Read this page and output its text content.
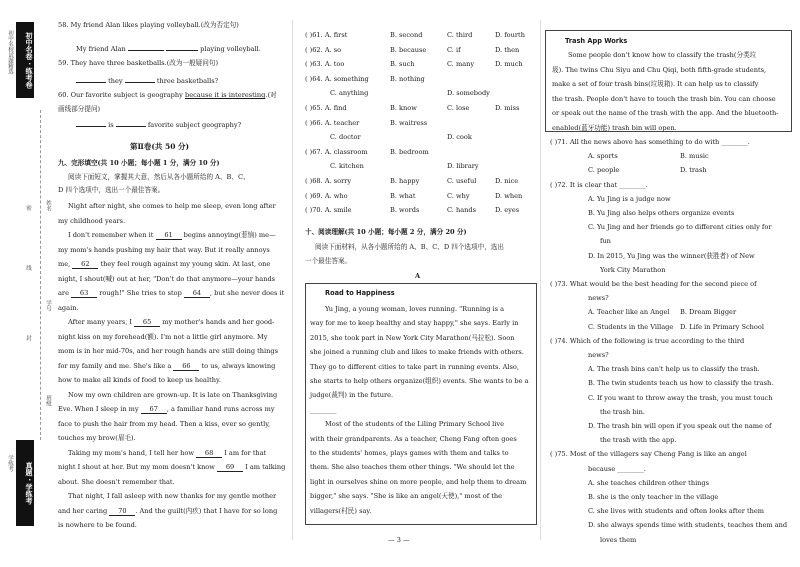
初中名卷 · 练考卷
初中名校试题精选
姓名
学号
班级
密
封
线
真题 · 学练考
学练考
58. My friend Alan likes playing volleyball.(改为否定句)
My friend Alan	playing volleyball.
59. They have three basketballs.(改为一般疑问句)
they	three basketballs?
60. Our favorite subject is geography because it is interesting.(对
画线部分提问)
is	favorite subject geography?
第Ⅱ卷(共 50 分)
九、完形填空(共 10 小题；每小题 1 分，满分 10 分)
阅读下面短文，掌握其大意，然后从各小题所给的 A、B、C、
D 四个选项中，选出一个最佳答案。
Night after night, she comes to help me sleep, even long after
my childhood years.
I don't remember when it 61 begins annoying(惹恼) me—
my mom's hands pushing my hair that way. But it really annoys
me, 62 they feel rough against my young skin. At last, one
night, I shout(喊) out at her, "Don't do that anymore—your hands
are 63 rough!" She tries to stop 64 , but she never does it
again.
After many years, I 65 my mother's hands and her good-
night kiss on my forehead(额). I'm not a little girl anymore. My
mom is in her mid-70s, and her rough hands are still doing things
for my family and me. She's like a 66 to us, always knowing
how to make all kinds of food to keep us healthy.
Now my own children are grown-up. It is late on Thanksgiving
Eve. When I sleep in my 67 , a familiar hand runs across my
face to push the hair from my head. Then a kiss, ever so gently,
touches my brow(眉毛).
Taking my mom's hand, I tell her how 68 I am for that
night I shout at her. But my mom doesn't know 69 I am talking
about. She doesn't remember that.
That night, I fall asleep with new thanks for my gentle mother
and her caring 70 . And the guilt(内疚) that I have for so long
is nowhere to be found.
( )61. A. first	B. second	C. third	D. fourth
( )62. A. so	B. because	C. if	D. then
( )63. A. too	B. such	C. many	D. much
( )64. A. something	B. nothing
C. anything	D. somebody
( )65. A. find	B. know	C. lose	D. miss
( )66. A. teacher	B. waitress
C. doctor	D. cook
( )67. A. classroom	B. bedroom
C. kitchen	D. library
( )68. A. sorry	B. happy	C. useful	D. nice
( )69. A. who	B. what	C. why	D. when
( )70. A. smile	B. words	C. hands	D. eyes
十、阅读理解(共 10 小题；每小题 2 分，满分 20 分)
阅读下面材料，从各小题所给的 A、B、C、D 四个选项中，选出
一个最佳答案。
A
Road to Happiness
Yu Jing, a young woman, loves running. "Running is a
way for me to keep healthy and stay happy," she says. Early in
2015, she took part in New York City Marathon(马拉松). Soon
she joined a running club and likes to make friends with others.
They go to different cities to take part in running events. Also,
she starts to help others organize(组织) events. She wants to be a
judge(裁判) in the future.
________
Most of the students of the Liling Primary School live
with their grandparents. As a teacher, Cheng Fang often goes
to the students' homes, plays games with them and talks to
them. She also teaches them other things. "We should let the
light in ourselves shine on more people, and help them to dream
bigger," she says. "She is like an angel(天使)," most of the
villagers(村民) say.
Trash App Works
Some people don't know how to classify the trash(分类垃
圾). The twins Chu Siyu and Chu Qiqi, both fifth-grade students,
make a set of four trash bins(垃圾箱). It can help us to classify
the trash. People don't have to touch the trash bin. You can choose
or speak out the name of the trash with the app. And the bluetooth-
enabled(蓝牙功能) trash bin will open.
( )71. All the news above has something to do with ________.
A. sports	B. music
C. people	D. trash
( )72. It is clear that ________.
A. Yu Jing is a judge now
B. Yu Jing also helps others organize events
C. Yu Jing and her friends go to different cities only for
fun
D. In 2015, Yu Jing was the winner(获胜者) of New
York City Marathon
( )73. What would be the best heading for the second piece of
news?
A. Teacher like an Angel B. Dream Bigger
C. Students in the Village D. Life in Primary School
( )74. Which of the following is true according to the third
news?
A. The trash bins can't help us to classify the trash.
B. The twin students teach us how to classify the trash.
C. If you want to throw away the trash, you must touch
the trash bin.
D. The trash bin will open if you speak out the name of
the trash with the app.
( )75. Most of the villagers say Cheng Fang is like an angel
because ________.
A. she teaches children other things
B. she is the only teacher in the village
C. she lives with students and often looks after them
D. she always spends time with students, teaches them and
loves them
— 3 —
